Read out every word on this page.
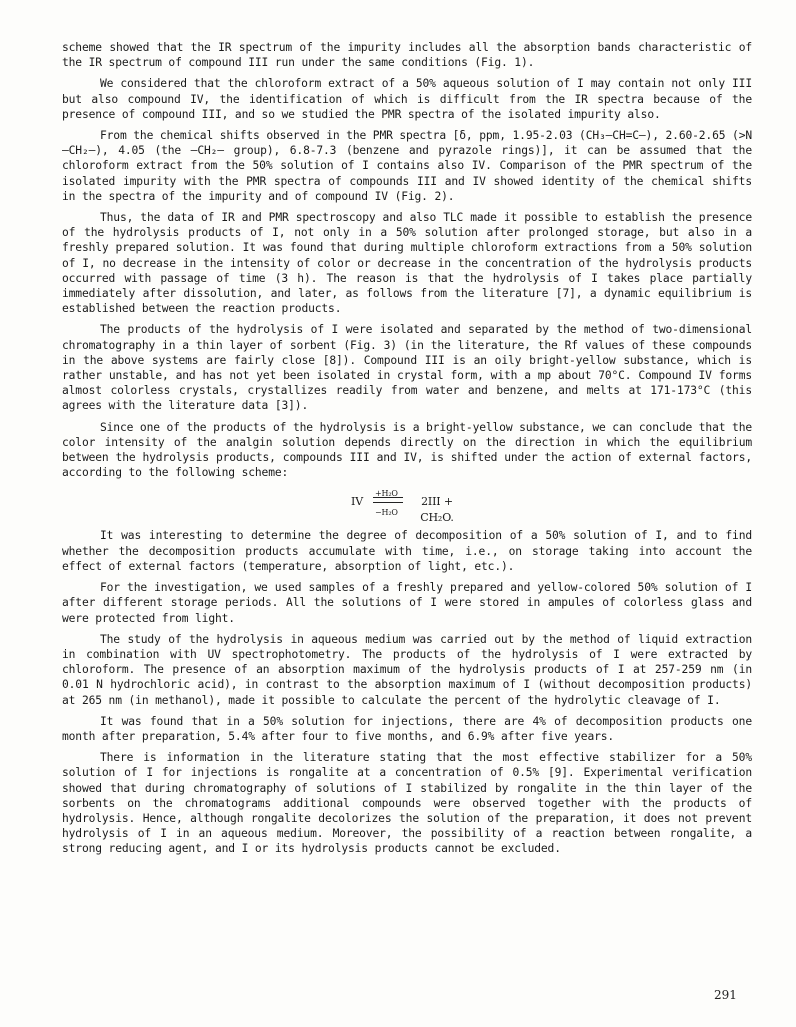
scheme showed that the IR spectrum of the impurity includes all the absorption bands characteristic of the IR spectrum of compound III run under the same conditions (Fig. 1).

We considered that the chloroform extract of a 50% aqueous solution of I may contain not only III but also compound IV, the identification of which is difficult from the IR spectra because of the presence of compound III, and so we studied the PMR spectra of the isolated impurity also.

From the chemical shifts observed in the PMR spectra [δ, ppm, 1.95-2.03 (CH₃—CH=C—), 2.60-2.65 (>N—CH₂—), 4.05 (the —CH₂— group), 6.8-7.3 (benzene and pyrazole rings)], it can be assumed that the chloroform extract from the 50% solution of I contains also IV. Comparison of the PMR spectrum of the isolated impurity with the PMR spectra of compounds III and IV showed identity of the chemical shifts in the spectra of the impurity and of compound IV (Fig. 2).

Thus, the data of IR and PMR spectroscopy and also TLC made it possible to establish the presence of the hydrolysis products of I, not only in a 50% solution after prolonged storage, but also in a freshly prepared solution. It was found that during multiple chloroform extractions from a 50% solution of I, no decrease in the intensity of color or decrease in the concentration of the hydrolysis products occurred with passage of time (3 h). The reason is that the hydrolysis of I takes place partially immediately after dissolution, and later, as follows from the literature [7], a dynamic equilibrium is established between the reaction products.

The products of the hydrolysis of I were isolated and separated by the method of two-dimensional chromatography in a thin layer of sorbent (Fig. 3) (in the literature, the Rf values of these compounds in the above systems are fairly close [8]). Compound III is an oily bright-yellow substance, which is rather unstable, and has not yet been isolated in crystal form, with a mp about 70°C. Compound IV forms almost colorless crystals, crystallizes readily from water and benzene, and melts at 171-173°C (this agrees with the literature data [3]).

Since one of the products of the hydrolysis is a bright-yellow substance, we can conclude that the color intensity of the analgin solution depends directly on the direction in which the equilibrium between the hydrolysis products, compounds III and IV, is shifted under the action of external factors, according to the following scheme:

IV
+H₂O
−H₂O
2III + CH₂O.

It was interesting to determine the degree of decomposition of a 50% solution of I, and to find whether the decomposition products accumulate with time, i.e., on storage taking into account the effect of external factors (temperature, absorption of light, etc.).

For the investigation, we used samples of a freshly prepared and yellow-colored 50% solution of I after different storage periods. All the solutions of I were stored in ampules of colorless glass and were protected from light.

The study of the hydrolysis in aqueous medium was carried out by the method of liquid extraction in combination with UV spectrophotometry. The products of the hydrolysis of I were extracted by chloroform. The presence of an absorption maximum of the hydrolysis products of I at 257-259 nm (in 0.01 N hydrochloric acid), in contrast to the absorption maximum of I (without decomposition products) at 265 nm (in methanol), made it possible to calculate the percent of the hydrolytic cleavage of I.

It was found that in a 50% solution for injections, there are 4% of decomposition products one month after preparation, 5.4% after four to five months, and 6.9% after five years.

There is information in the literature stating that the most effective stabilizer for a 50% solution of I for injections is rongalite at a concentration of 0.5% [9]. Experimental verification showed that during chromatography of solutions of I stabilized by rongalite in the thin layer of the sorbents on the chromatograms additional compounds were observed together with the products of hydrolysis. Hence, although rongalite decolorizes the solution of the preparation, it does not prevent hydrolysis of I in an aqueous medium. Moreover, the possibility of a reaction between rongalite, a strong reducing agent, and I or its hydrolysis products cannot be excluded.

291
